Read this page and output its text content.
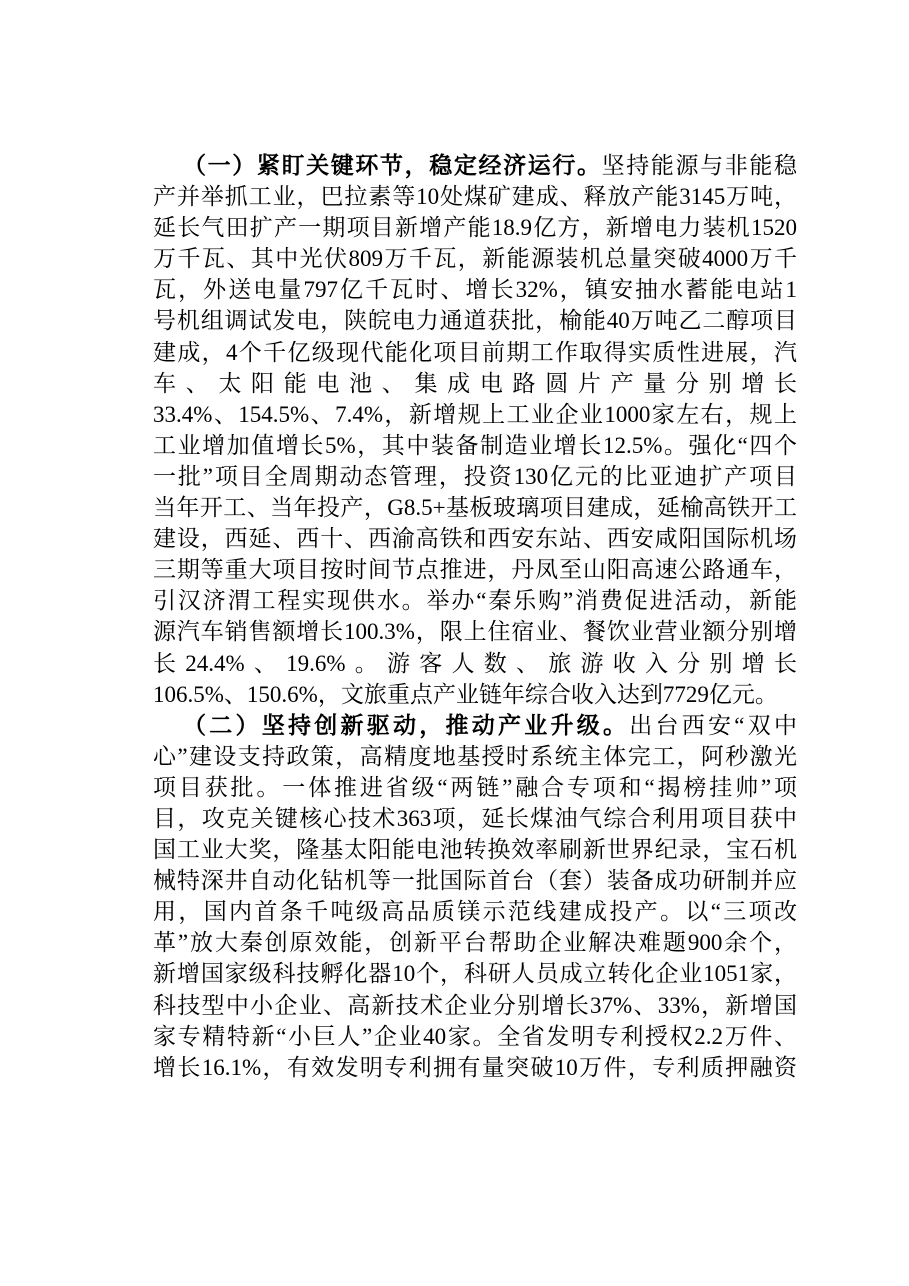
（一）紧盯关键环节，稳定经济运行。坚持能源与非能稳
产并举抓工业，巴拉素等10处煤矿建成、释放产能3145万吨，
延长气田扩产一期项目新增产能18.9亿方，新增电力装机1520
万千瓦、其中光伏809万千瓦，新能源装机总量突破4000万千
瓦，外送电量797亿千瓦时、增长32%，镇安抽水蓄能电站1
号机组调试发电，陕皖电力通道获批，榆能40万吨乙二醇项目
建成，4个千亿级现代能化项目前期工作取得实质性进展，汽
车、太阳能电池、集成电路圆片产量分别增长
33.4%、154.5%、7.4%，新增规上工业企业1000家左右，规上
工业增加值增长5%，其中装备制造业增长12.5%。强化“四个
一批”项目全周期动态管理，投资130亿元的比亚迪扩产项目
当年开工、当年投产，G8.5+基板玻璃项目建成，延榆高铁开工
建设，西延、西十、西渝高铁和西安东站、西安咸阳国际机场
三期等重大项目按时间节点推进，丹凤至山阳高速公路通车，
引汉济渭工程实现供水。举办“秦乐购”消费促进活动，新能
源汽车销售额增长100.3%，限上住宿业、餐饮业营业额分别增
长24.4%、19.6%。游客人数、旅游收入分别增长
106.5%、150.6%，文旅重点产业链年综合收入达到7729亿元。
（二）坚持创新驱动，推动产业升级。出台西安“双中
心”建设支持政策，高精度地基授时系统主体完工，阿秒激光
项目获批。一体推进省级“两链”融合专项和“揭榜挂帅”项
目，攻克关键核心技术363项，延长煤油气综合利用项目获中
国工业大奖，隆基太阳能电池转换效率刷新世界纪录，宝石机
械特深井自动化钻机等一批国际首台（套）装备成功研制并应
用，国内首条千吨级高品质镁示范线建成投产。以“三项改
革”放大秦创原效能，创新平台帮助企业解决难题900余个，
新增国家级科技孵化器10个，科研人员成立转化企业1051家，
科技型中小企业、高新技术企业分别增长37%、33%，新增国
家专精特新“小巨人”企业40家。全省发明专利授权2.2万件、
增长16.1%，有效发明专利拥有量突破10万件，专利质押融资
